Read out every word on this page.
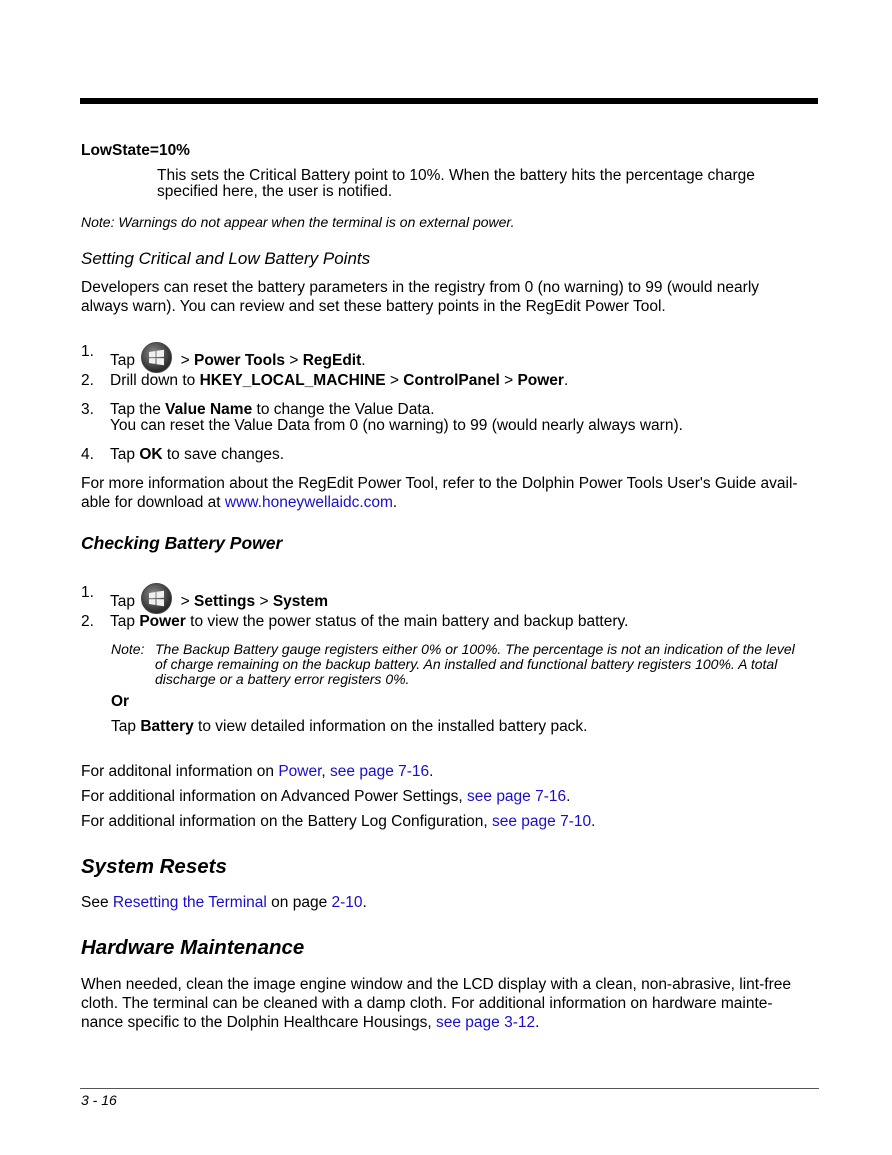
LowState=10%
This sets the Critical Battery point to 10%. When the battery hits the percentage charge
specified here, the user is notified.
Note: Warnings do not appear when the terminal is on external power.
Setting Critical and Low Battery Points
Developers can reset the battery parameters in the registry from 0 (no warning) to 99 (would nearly
always warn). You can review and set these battery points in the RegEdit Power Tool.
1.
Tap	> Power Tools > RegEdit.
2. Drill down to HKEY_LOCAL_MACHINE > ControlPanel > Power.
3. Tap the Value Name to change the Value Data.
You can reset the Value Data from 0 (no warning) to 99 (would nearly always warn).
4. Tap OK to save changes.
For more information about the RegEdit Power Tool, refer to the Dolphin Power Tools User's Guide avail-
able for download at www.honeywellaidc.com.
Checking Battery Power
1.
Tap	> Settings > System
2. Tap Power to view the power status of the main battery and backup battery.
Note: The Backup Battery gauge registers either 0% or 100%. The percentage is not an indication of the level
of charge remaining on the backup battery. An installed and functional battery registers 100%. A total
discharge or a battery error registers 0%.
Or
Tap Battery to view detailed information on the installed battery pack.
For additonal information on Power, see page 7-16.
For additional information on Advanced Power Settings, see page 7-16.
For additional information on the Battery Log Configuration, see page 7-10.
System Resets
See Resetting the Terminal on page 2-10.
Hardware Maintenance
When needed, clean the image engine window and the LCD display with a clean, non-abrasive, lint-free
cloth. The terminal can be cleaned with a damp cloth. For additional information on hardware mainte-
nance specific to the Dolphin Healthcare Housings, see page 3-12.
3 - 16
